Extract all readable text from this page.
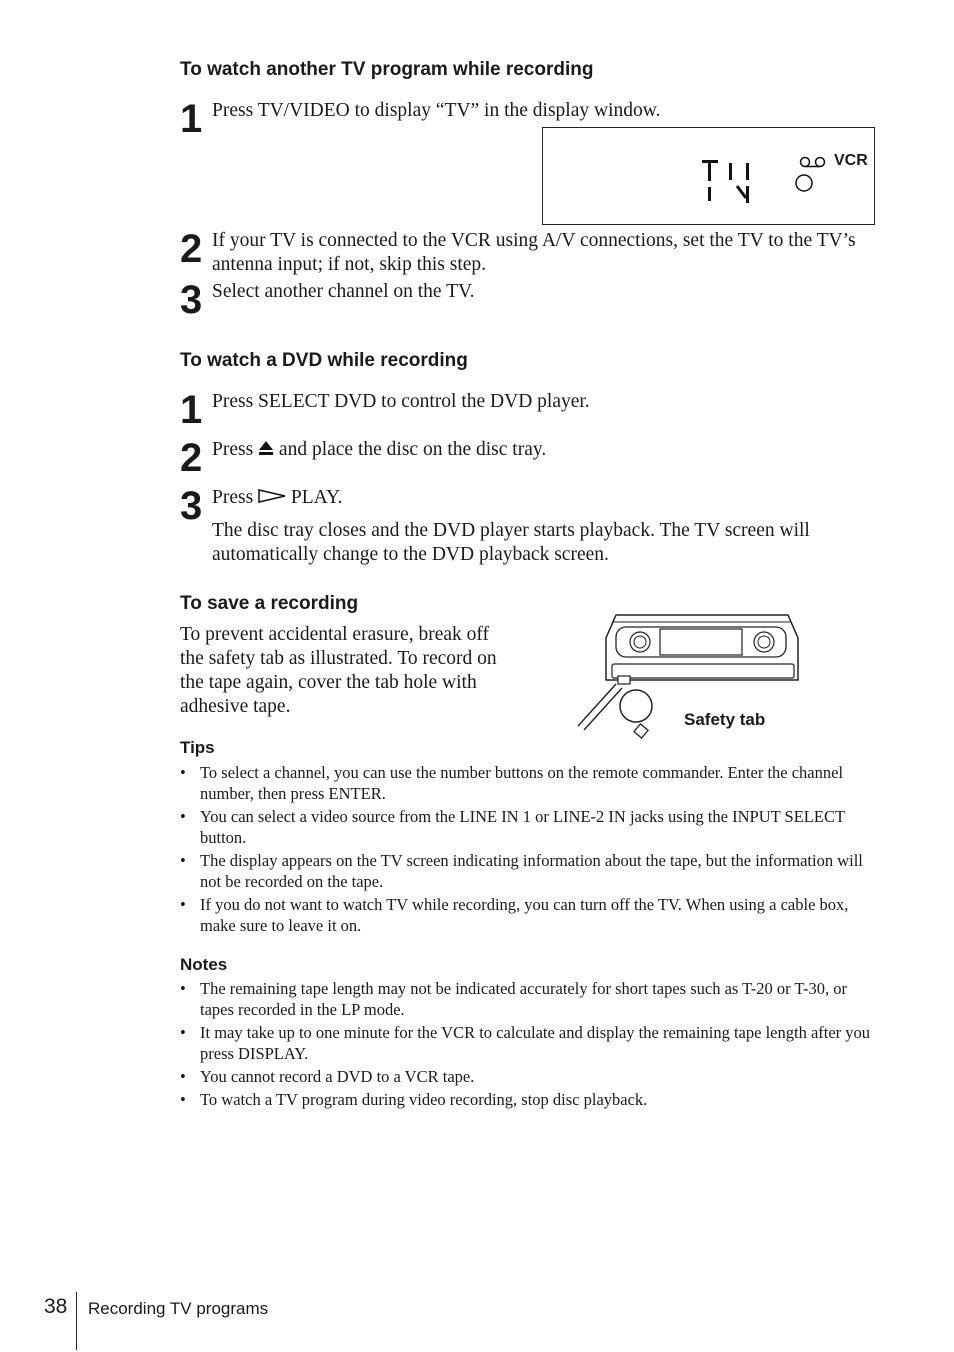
To watch another TV program while recording
1 Press TV/VIDEO to display “TV” in the display window.
VCR
2 If your TV is connected to the VCR using A/V connections, set the TV to the TV’s antenna input; if not, skip this step.
3 Select another channel on the TV.
To watch a DVD while recording
1 Press SELECT DVD to control the DVD player.
2 Press and place the disc on the disc tray.
3 Press PLAY.
The disc tray closes and the DVD player starts playback. The TV screen will automatically change to the DVD playback screen.
To save a recording
To prevent accidental erasure, break off the safety tab as illustrated. To record on the tape again, cover the tab hole with adhesive tape.
Safety tab
Tips
• To select a channel, you can use the number buttons on the remote commander. Enter the channel number, then press ENTER.
• You can select a video source from the LINE IN 1 or LINE-2 IN jacks using the INPUT SELECT button.
• The display appears on the TV screen indicating information about the tape, but the information will not be recorded on the tape.
• If you do not want to watch TV while recording, you can turn off the TV. When using a cable box, make sure to leave it on.
Notes
• The remaining tape length may not be indicated accurately for short tapes such as T-20 or T-30, or tapes recorded in the LP mode.
• It may take up to one minute for the VCR to calculate and display the remaining tape length after you press DISPLAY.
• You cannot record a DVD to a VCR tape.
• To watch a TV program during video recording, stop disc playback.
38 Recording TV programs
